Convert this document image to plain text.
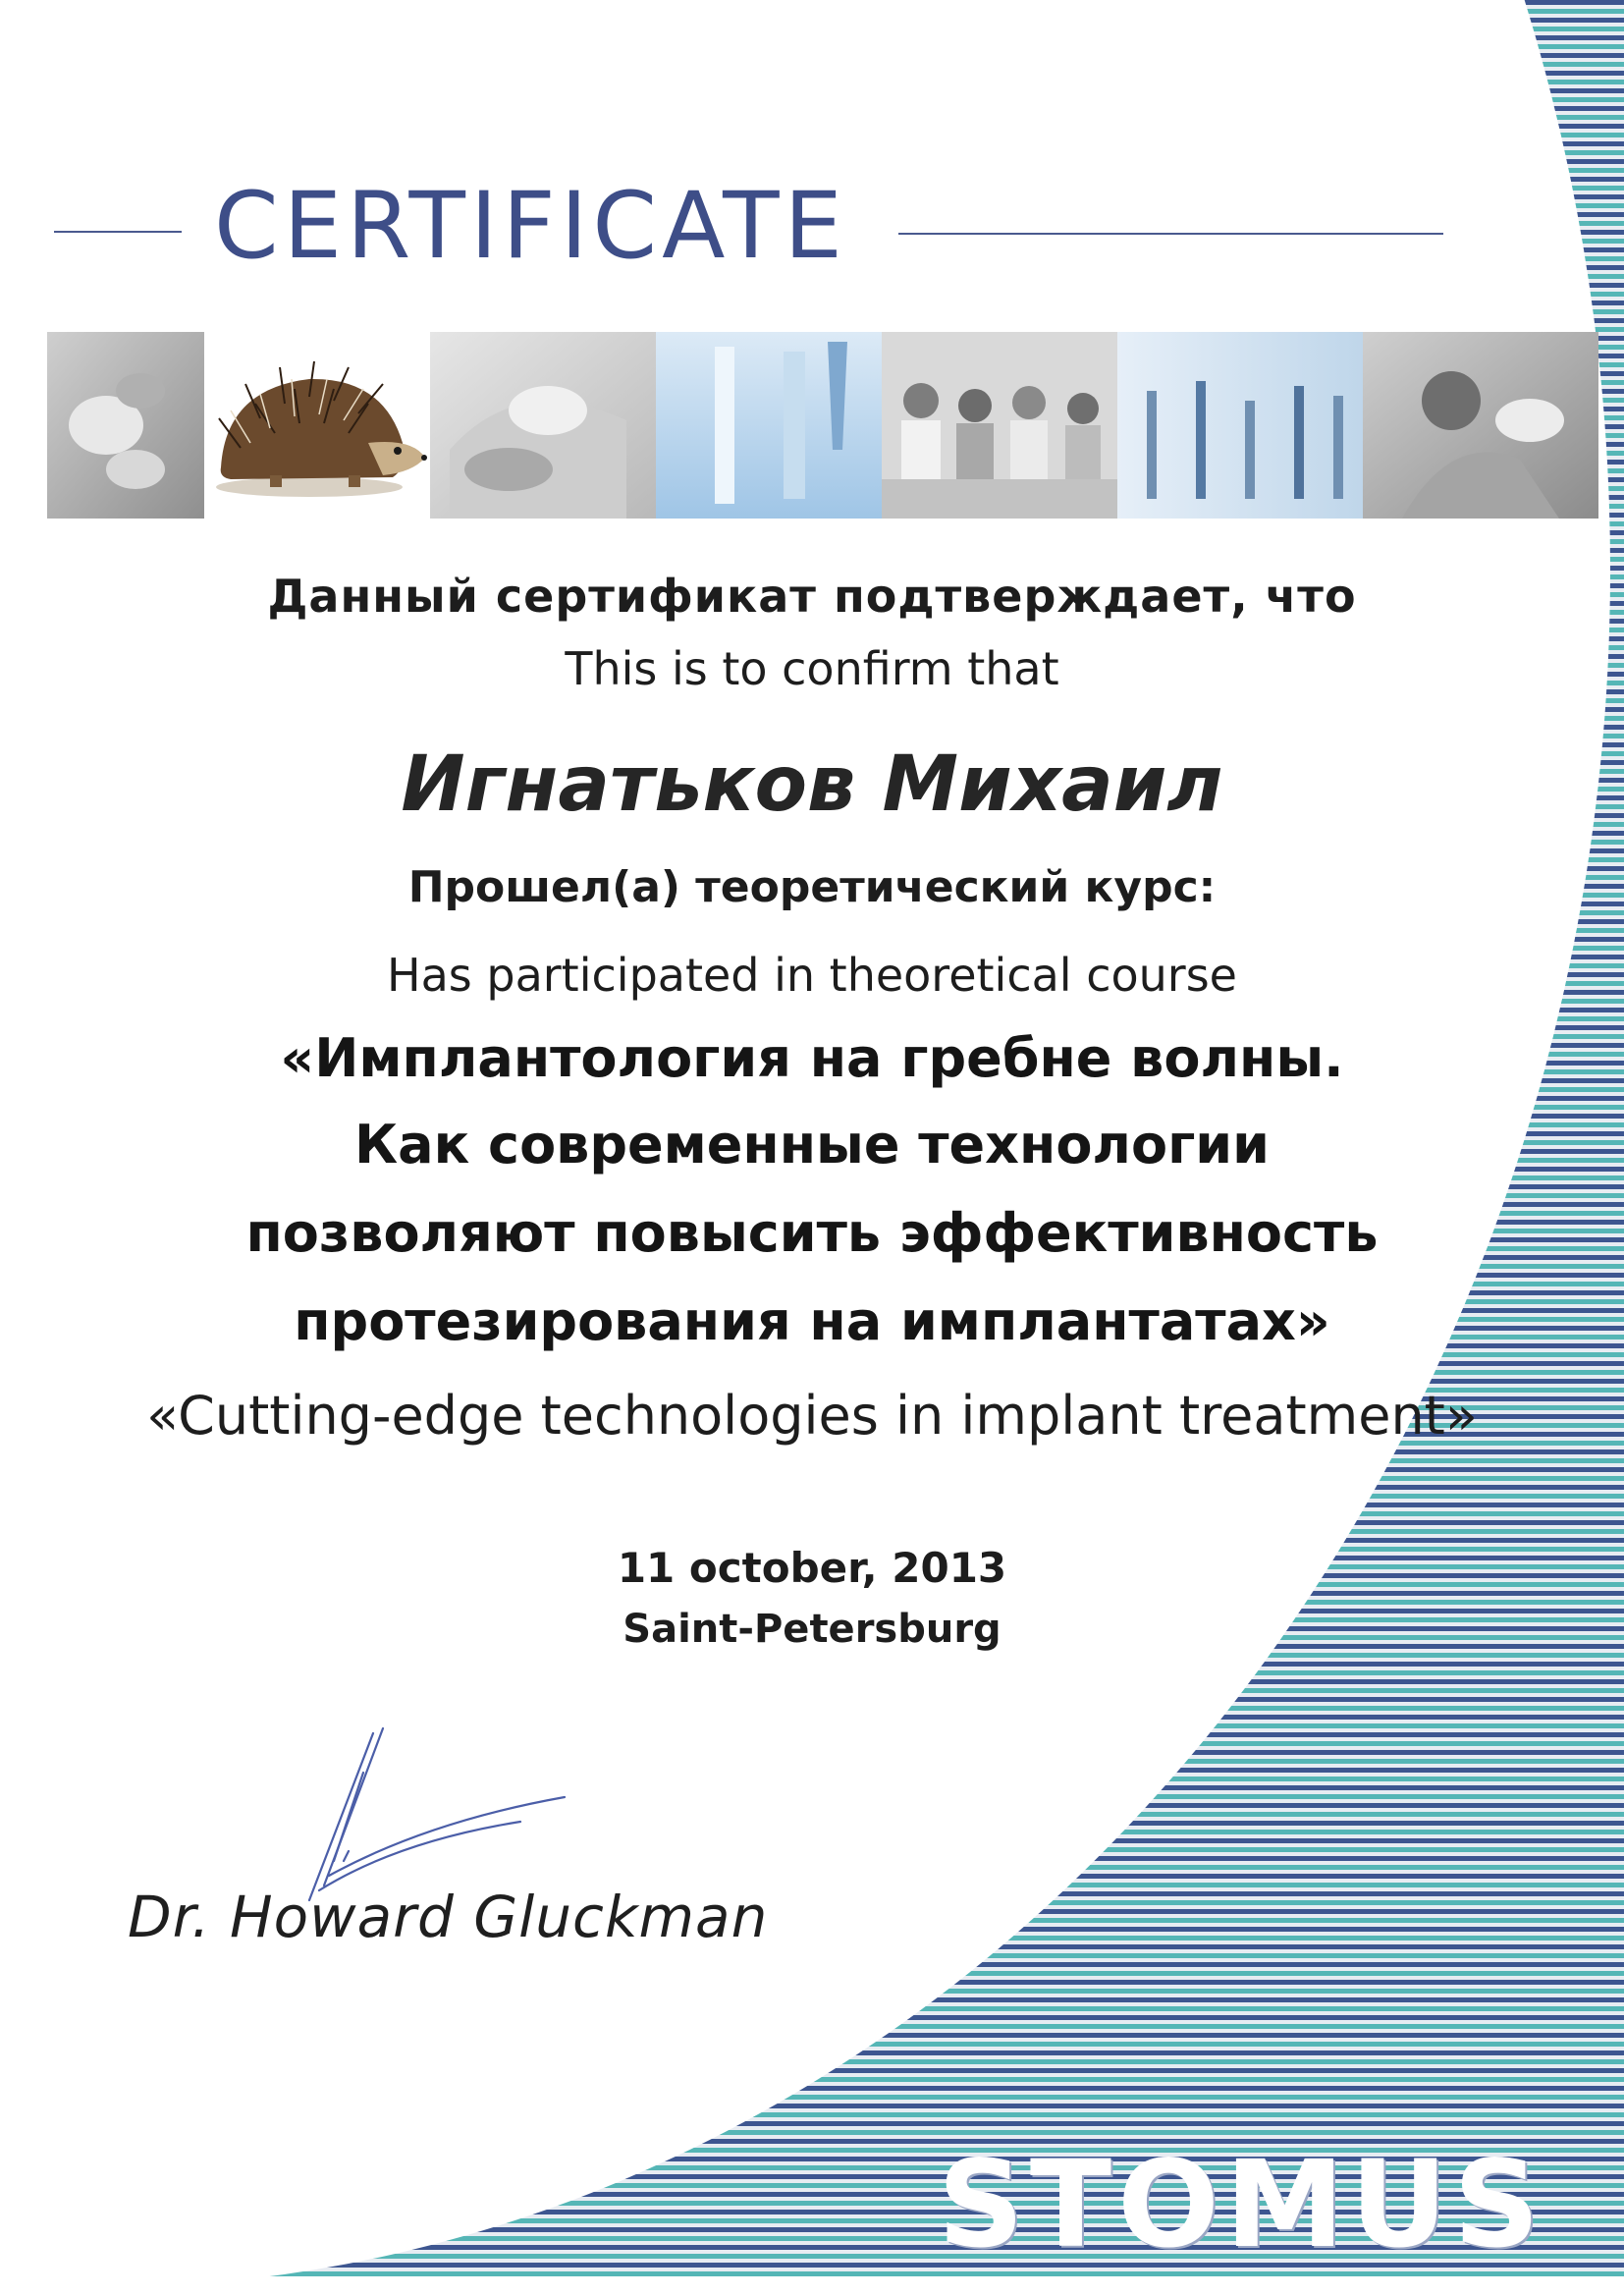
CERTIFICATE
Данный сертификат подтверждает, что
This is to confirm that
Игнатьков Михаил
Прошел(а) теоретический курс:
Has participated in theoretical course
«Имплантология на гребне волны.
Как современные технологии
позволяют повысить эффективность
протезирования на имплантатах»
«Cutting-edge technologies in implant treatment»
11 october, 2013
Saint-Petersburg
Dr. Howard Gluckman
STOMUS
